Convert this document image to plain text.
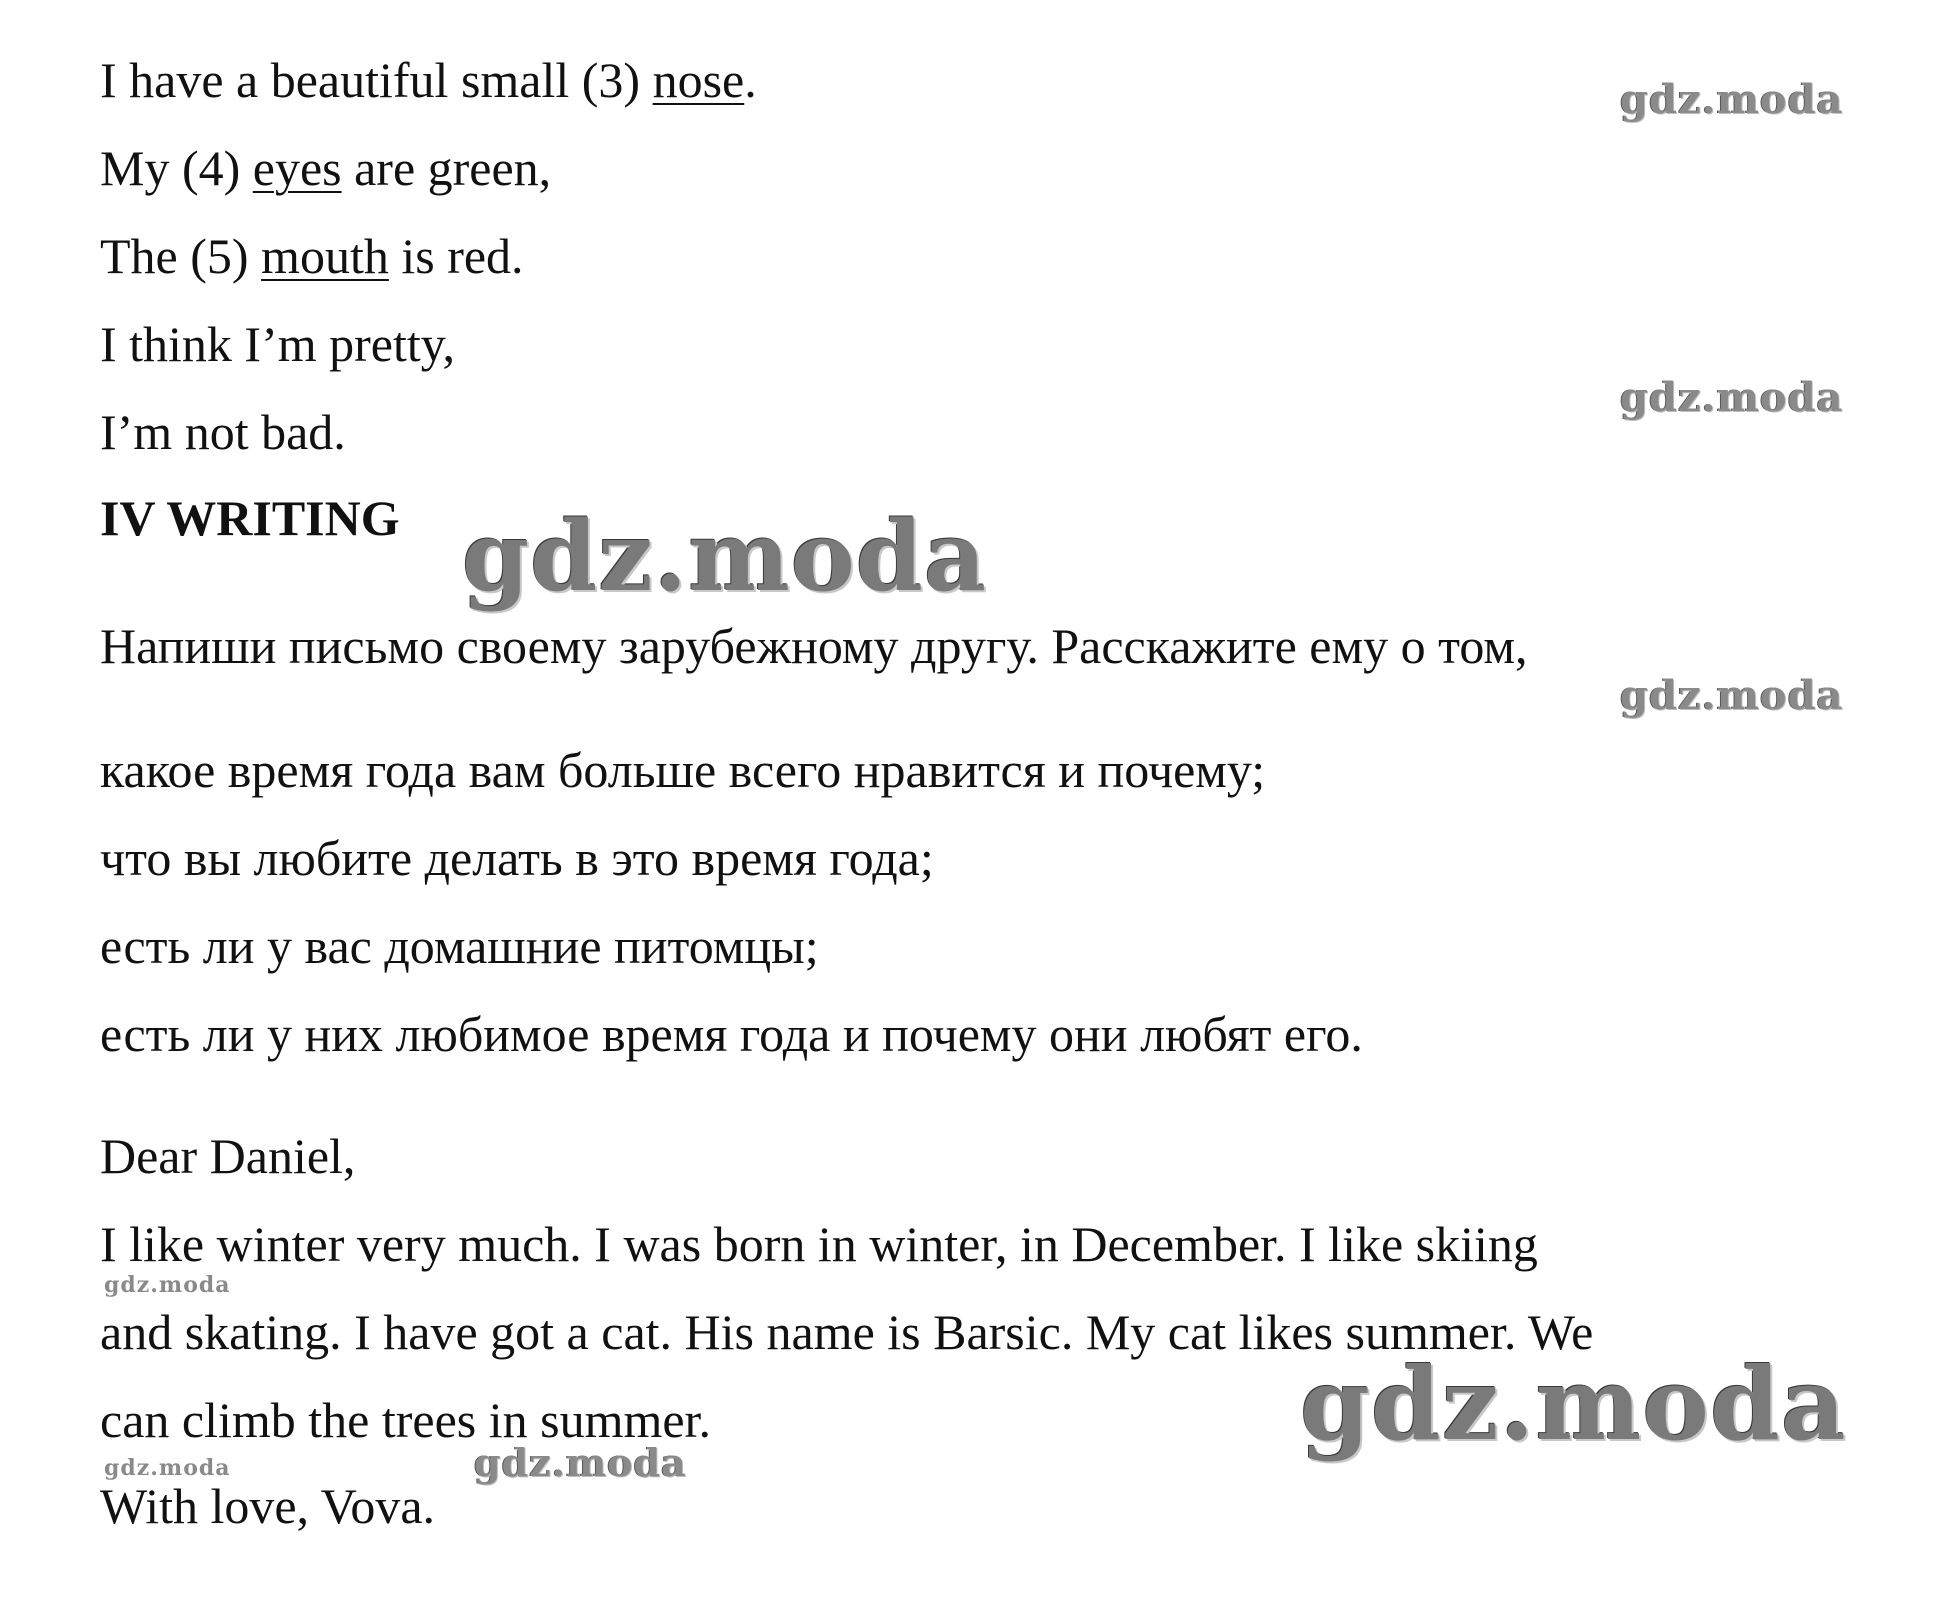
I have a beautiful small (3) nose.
My (4) eyes are green,
The (5) mouth is red.
I think I’m pretty,
I’m not bad.
IV WRITING
Напиши письмо своему зарубежному другу. Расскажите ему о том,
какое время года вам больше всего нравится и почему;
что вы любите делать в это время года;
есть ли у вас домашние питомцы;
есть ли у них любимое время года и почему они любят его.
Dear Daniel,
I like winter very much. I was born in winter, in December. I like skiing
and skating. I have got a cat. His name is Barsic. My cat likes summer. We
can climb the trees in summer.
With love, Vova.
gdz.moda
gdz.moda
gdz.moda
gdz.moda
gdz.moda
gdz.moda
gdz.moda	gdz.moda
